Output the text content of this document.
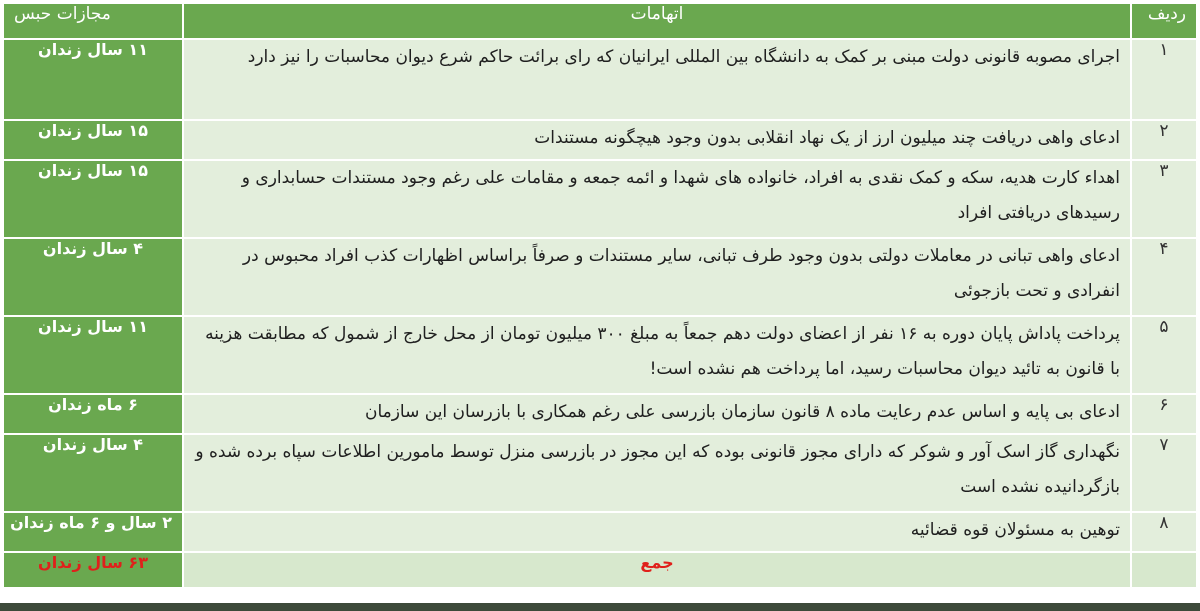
ردیف	اتهامات	مجازات حبس
۱	اجرای مصوبه قانونی دولت مبنی بر کمک به دانشگاه بین المللی ایرانیان که رای برائت حاکم شرع دیوان محاسبات را نیز دارد	۱۱ سال زندان
۲	ادعای واهی دریافت چند میلیون ارز از یک نهاد انقلابی بدون وجود هیچگونه مستندات	۱۵ سال زندان
۳	اهداء کارت هدیه، سکه و کمک نقدی به افراد، خانواده های شهدا و ائمه جمعه و مقامات علی رغم وجود مستندات حسابداری و رسیدهای دریافتی افراد	۱۵ سال زندان
۴	ادعای واهی تبانی در معاملات دولتی بدون وجود طرف تبانی، سایر مستندات و صرفاً براساس اظهارات کذب افراد محبوس در انفرادی و تحت بازجوئی	۴ سال زندان
۵	پرداخت پاداش پایان دوره به ۱۶ نفر از اعضای دولت دهم جمعاً به مبلغ ۳۰۰ میلیون تومان از محل خارج از شمول که مطابقت هزینه با قانون به تائید دیوان محاسبات رسید، اما پرداخت هم نشده است!	۱۱ سال زندان
۶	ادعای بی پایه و اساس عدم رعایت ماده ۸ قانون سازمان بازرسی علی رغم همکاری با بازرسان این سازمان	۶ ماه زندان
۷	نگهداری گاز اسک آور و شوکر که دارای مجوز قانونی بوده که این مجوز در بازرسی منزل توسط مامورین اطلاعات سپاه برده شده و بازگردانیده نشده است	۴ سال زندان
۸	توهین به مسئولان قوه قضائیه	۲ سال و ۶ ماه زندان
	جمع	۶۳ سال زندان
